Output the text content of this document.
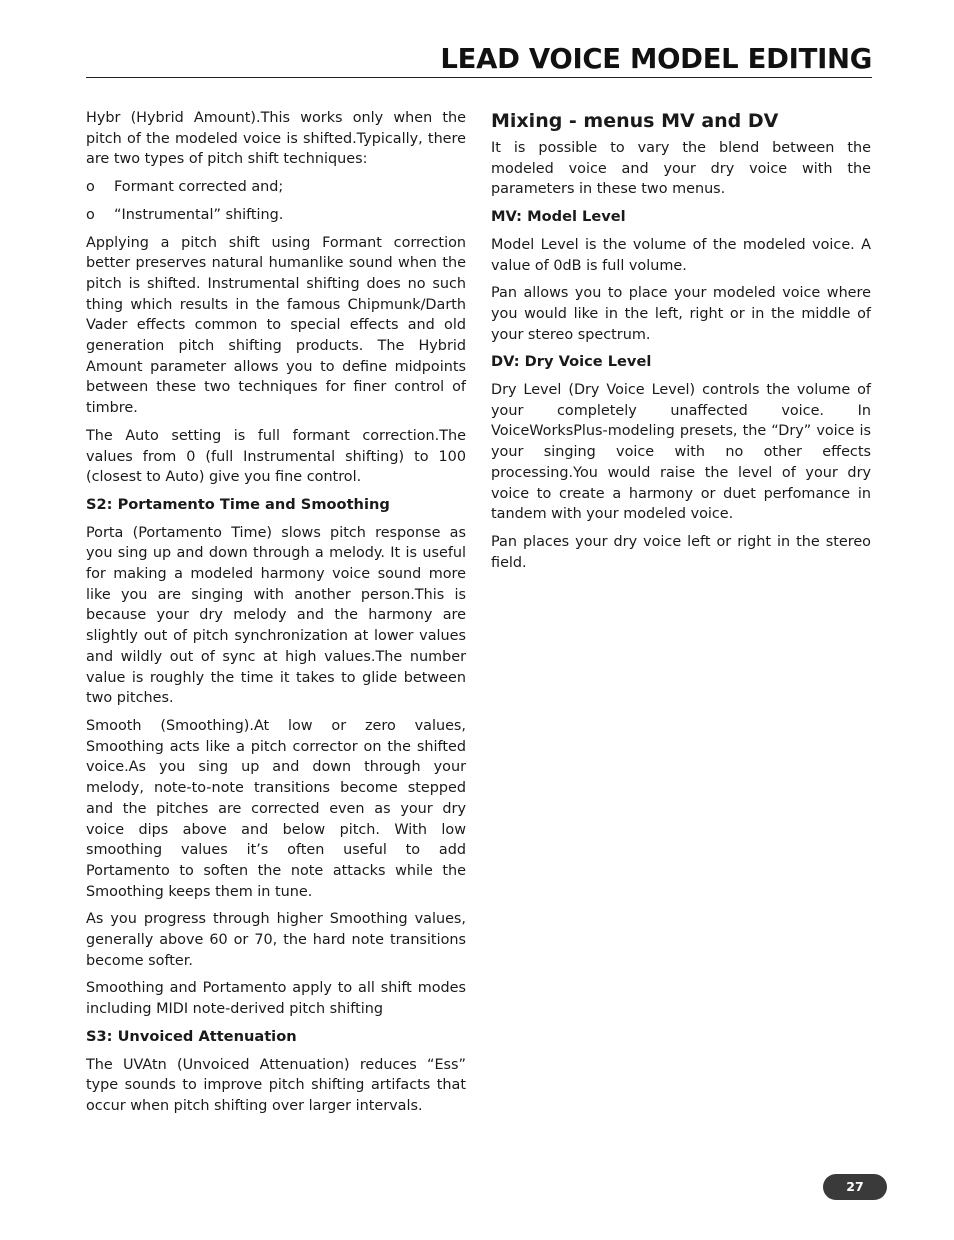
LEAD VOICE MODEL EDITING

Hybr (Hybrid Amount).This works only when the pitch of the modeled voice is shifted.Typically, there are two types of pitch shift techniques:

o	Formant corrected and;
o	“Instrumental” shifting.

Applying a pitch shift using Formant correction better preserves natural humanlike sound when the pitch is shifted. Instrumental shifting does no such thing which results in the famous Chipmunk/Darth Vader effects common to special effects and old generation pitch shifting products. The Hybrid Amount parameter allows you to define midpoints between these two techniques for finer control of timbre.

The Auto setting is full formant correction.The values from 0 (full Instrumental shifting) to 100 (closest to Auto) give you fine control.

S2: Portamento Time and Smoothing

Porta (Portamento Time) slows pitch response as you sing up and down through a melody. It is useful for making a modeled harmony voice sound more like you are singing with another person.This is because your dry melody and the harmony are slightly out of pitch synchronization at lower values and wildly out of sync at high values.The number value is roughly the time it takes to glide between two pitches.

Smooth (Smoothing).At low or zero values, Smoothing acts like a pitch corrector on the shifted voice.As you sing up and down through your melody, note-to-note transitions become stepped and the pitches are corrected even as your dry voice dips above and below pitch. With low smoothing values it’s often useful to add Portamento to soften the note attacks while the Smoothing keeps them in tune.

As you progress through higher Smoothing values, generally above 60 or 70, the hard note transitions become softer.

Smoothing and Portamento apply to all shift modes including MIDI note-derived pitch shifting

S3: Unvoiced Attenuation

The UVAtn (Unvoiced Attenuation) reduces “Ess” type sounds to improve pitch shifting artifacts that occur when pitch shifting over larger intervals.

Mixing - menus MV and DV

It is possible to vary the blend between the modeled voice and your dry voice with the parameters in these two menus.

MV: Model Level

Model Level is the volume of the modeled voice. A value of 0dB is full volume.

Pan allows you to place your modeled voice where you would like in the left, right or in the middle of your stereo spectrum.

DV: Dry Voice Level

Dry Level (Dry Voice Level) controls the volume of your completely unaffected voice. In VoiceWorksPlus-modeling presets, the “Dry” voice is your singing voice with no other effects processing.You would raise the level of your dry voice to create a harmony or duet perfomance in tandem with your modeled voice.

Pan places your dry voice left or right in the stereo field.

27
